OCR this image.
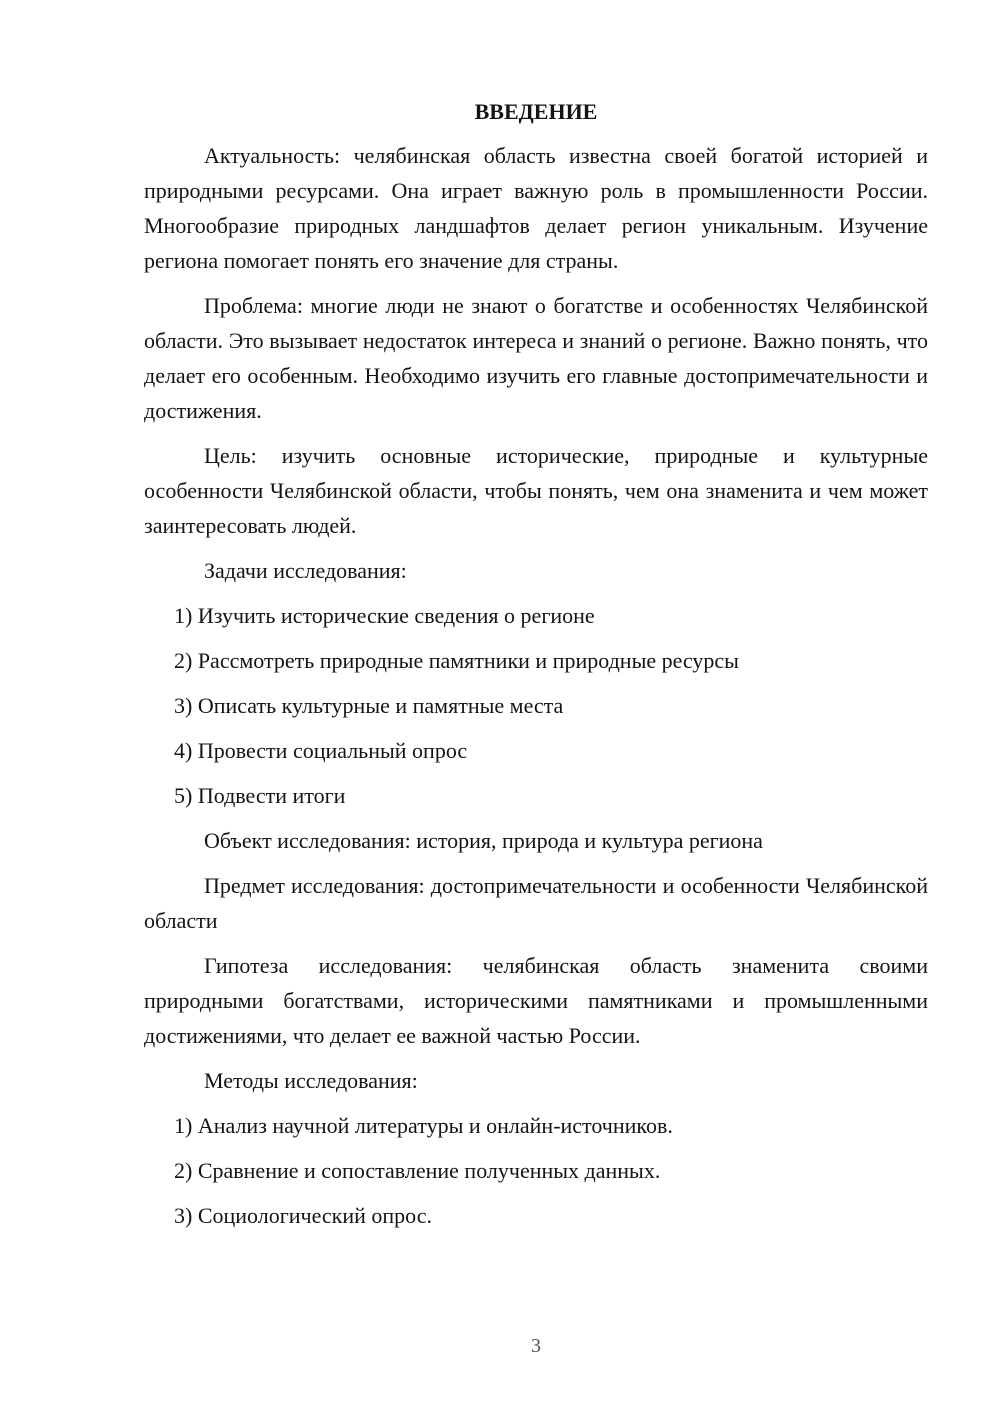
ВВЕДЕНИЕ

Актуальность: челябинская область известна своей богатой историей и природными ресурсами. Она играет важную роль в промышленности России. Многообразие природных ландшафтов делает регион уникальным. Изучение региона помогает понять его значение для страны.

Проблема: многие люди не знают о богатстве и особенностях Челябинской области. Это вызывает недостаток интереса и знаний о регионе. Важно понять, что делает его особенным. Необходимо изучить его главные достопримечательности и достижения.

Цель: изучить основные исторические, природные и культурные особенности Челябинской области, чтобы понять, чем она знаменита и чем может заинтересовать людей.

Задачи исследования:

1) Изучить исторические сведения о регионе

2) Рассмотреть природные памятники и природные ресурсы

3) Описать культурные и памятные места

4) Провести социальный опрос

5) Подвести итоги

Объект исследования: история, природа и культура региона

Предмет исследования: достопримечательности и особенности Челябинской области

Гипотеза исследования: челябинская область знаменита своими природными богатствами, историческими памятниками и промышленными достижениями, что делает ее важной частью России.

Методы исследования:

1) Анализ научной литературы и онлайн-источников.

2) Сравнение и сопоставление полученных данных.

3) Социологический опрос.

3
